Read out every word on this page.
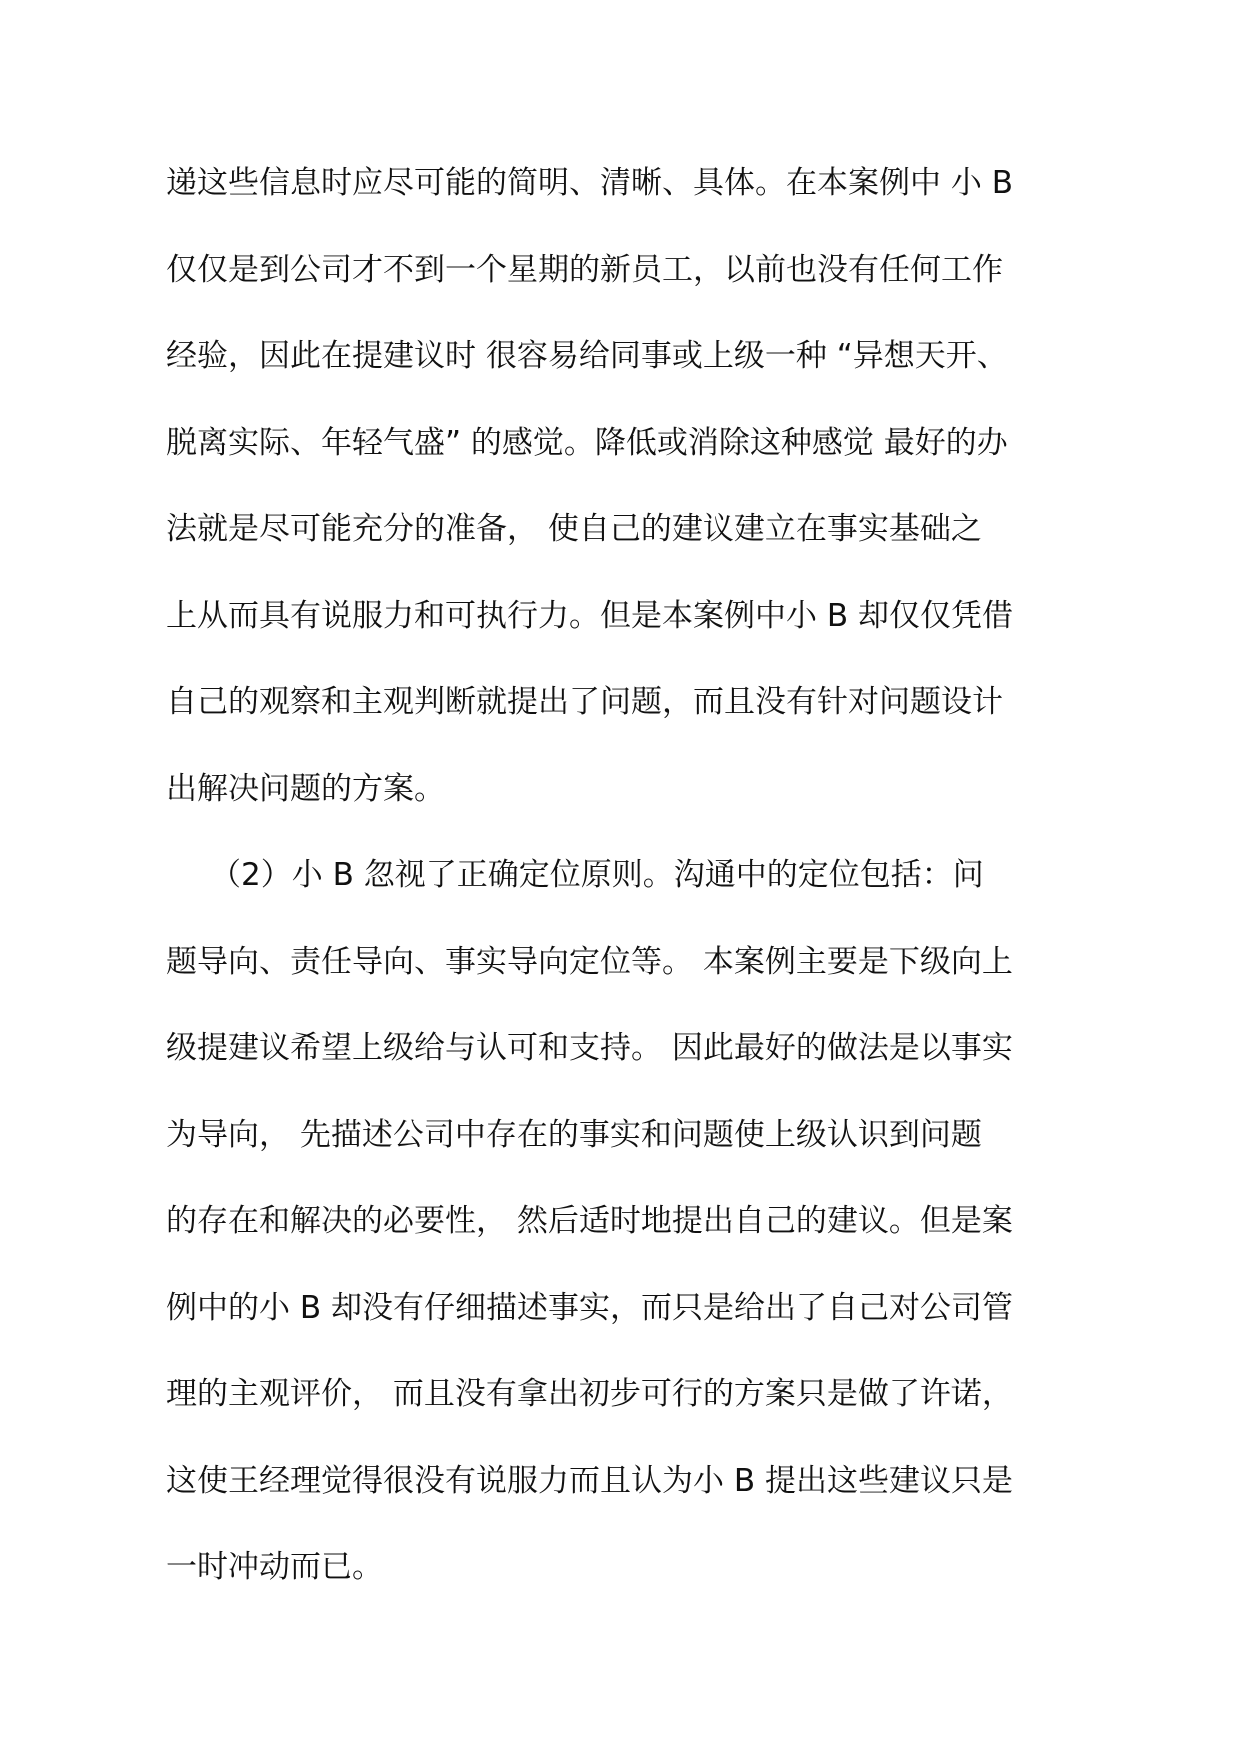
递这些信息时应尽可能的简明、清晰、具体。在本案例中 小 B
仅仅是到公司才不到一个星期的新员工，以前也没有任何工作
经验，因此在提建议时 很容易给同事或上级一种 “异想天开、
脱离实际、年轻气盛” 的感觉。降低或消除这种感觉 最好的办
法就是尽可能充分的准备， 使自己的建议建立在事实基础之
上从而具有说服力和可执行力。但是本案例中小 B 却仅仅凭借
自己的观察和主观判断就提出了问题，而且没有针对问题设计
出解决问题的方案。
（2）小 B 忽视了正确定位原则。沟通中的定位包括：问
题导向、责任导向、事实导向定位等。 本案例主要是下级向上
级提建议希望上级给与认可和支持。 因此最好的做法是以事实
为导向， 先描述公司中存在的事实和问题使上级认识到问题
的存在和解决的必要性， 然后适时地提出自己的建议。但是案
例中的小 B 却没有仔细描述事实，而只是给出了自己对公司管
理的主观评价， 而且没有拿出初步可行的方案只是做了许诺，
这使王经理觉得很没有说服力而且认为小 B 提出这些建议只是
一时冲动而已。
